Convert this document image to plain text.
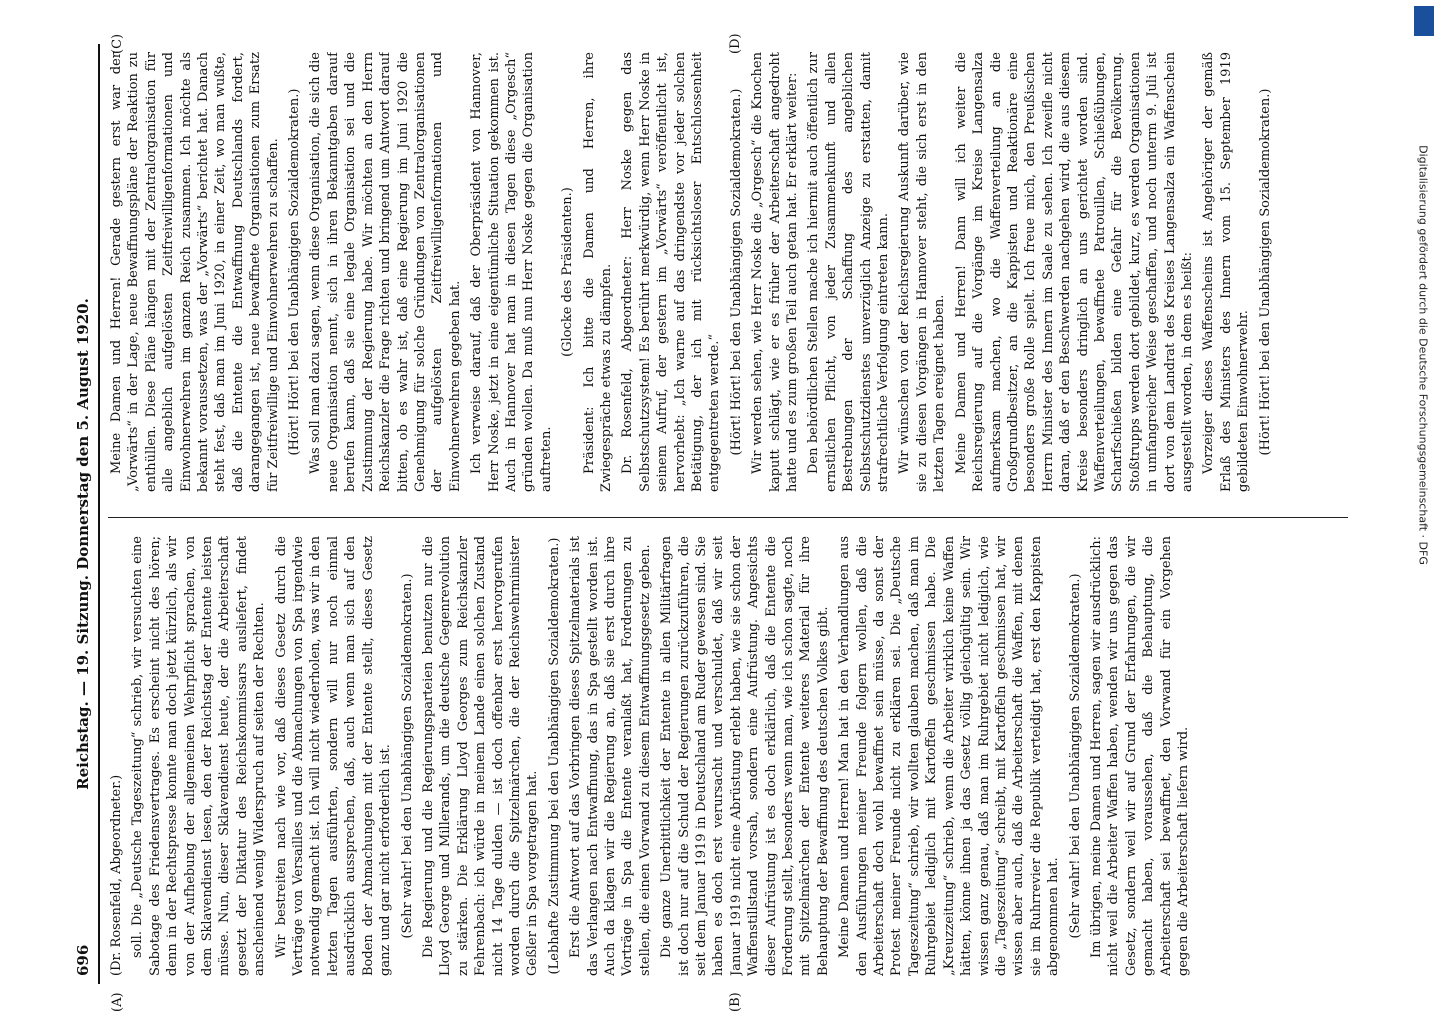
696
Reichstag. — 19. Sitzung. Donnerstag den 5. August 1920.
(A)	(B)
(C)	(D)

(Dr. Rosenfeld, Abgeordneter.) soll. Die „Deutsche Tageszeitung“ schrieb, wir versuchten eine Sabotage des Friedensvertrages. Es erscheint nicht des hören; denn in der Rechtspresse konnte man doch jetzt kürzlich, als wir von der Aufhebung der allgemeinen Wehrpflicht sprachen, von dem Sklavendienst lesen, den der Reichstag der Entente leisten müsse. Nun, dieser Sklavendienst heute, der die Arbeiterschaft gesetzt der Diktatur des Reichskommissars ausliefert, findet anscheinend wenig Widerspruch auf seiten der Rechten. Wir bestreiten nach wie vor, daß dieses Gesetz durch die Verträge von Versailles und die Abmachungen von Spa irgendwie notwendig gemacht ist. Ich will nicht wiederholen, was wir in den letzten Tagen ausführten, sondern will nur noch einmal ausdrücklich aussprechen, daß, auch wenn man sich auf den Boden der Abmachungen mit der Entente stellt, dieses Gesetz ganz und gar nicht erforderlich ist. (Sehr wahr! bei den Unabhängigen Sozialdemokraten.) Die Regierung und die Regierungsparteien benutzen nur die Lloyd George und Millerands, um die deutsche Gegenrevolution zu stärken. Die Erklärung Lloyd Georges zum Reichskanzler Fehrenbach: ich würde in meinem Lande einen solchen Zustand nicht 14 Tage dulden — ist doch offenbar erst hervorgerufen worden durch die Spitzelmärchen, die der Reichswehrminister Geßler in Spa vorgetragen hat. (Lebhafte Zustimmung bei den Unabhängigen Sozialdemokraten.) Erst die Antwort auf das Vorbringen dieses Spitzelmaterials ist das Verlangen nach Entwaffnung, das in Spa gestellt worden ist. Auch da klagen wir die Regierung an, daß sie erst durch ihre Vorträge in Spa die Entente veranlaßt hat, Forderungen zu stellen, die einen Vorwand zu diesem Entwaffnungsgesetz geben. Die ganze Unerbittlichkeit der Entente in allen Militärfragen ist doch nur auf die Schuld der Regierungen zurückzuführen, die seit dem Januar 1919 in Deutschland am Ruder gewesen sind. Sie haben es doch erst verursacht und verschuldet, daß wir seit Januar 1919 nicht eine Abrüstung erlebt haben, wie sie schon der Waffenstillstand vorsah, sondern eine Aufrüstung. Angesichts dieser Aufrüstung ist es doch erklärlich, daß die Entente die Forderung stellt, besonders wenn man, wie ich schon sagte, noch mit Spitzelmärchen der Entente weiteres Material für ihre Behauptung der Bewaffnung des deutschen Volkes gibt. Meine Damen und Herren! Man hat in den Verhandlungen aus den Ausführungen meiner Freunde folgern wollen, daß die Arbeiterschaft doch wohl bewaffnet sein müsse, da sonst der Protest meiner Freunde nicht zu erklären sei. Die „Deutsche Tageszeitung“ schrieb, wir wollten glauben machen, daß man im Ruhrgebiet lediglich mit Kartoffeln geschmissen habe. Die „Kreuzzeitung“ schrieb, wenn die Arbeiter wirklich keine Waffen hätten, könne ihnen ja das Gesetz völlig gleichgültig sein. Wir wissen ganz genau, daß man im Ruhrgebiet nicht lediglich, wie die „Tageszeitung“ schreibt, mit Kartoffeln geschmissen hat, wir wissen aber auch, daß die Arbeiterschaft die Waffen, mit denen sie im Ruhrrevier die Republik verteidigt hat, erst den Kappisten abgenommen hat. (Sehr wahr! bei den Unabhängigen Sozialdemokraten.) Im übrigen, meine Damen und Herren, sagen wir ausdrücklich: nicht weil die Arbeiter Waffen haben, wenden wir uns gegen das Gesetz, sondern weil wir auf Grund der Erfahrungen, die wir gemacht haben, voraussehen, daß die Behauptung, die Arbeiterschaft sei bewaffnet, den Vorwand für ein Vorgehen gegen die Arbeiterschaft liefern wird.

Meine Damen und Herren! Gerade gestern erst war der „Vorwärts“ in der Lage, neue Bewaffnungspläne der Reaktion zu enthüllen. Diese Pläne hängen mit der Zentralorganisation für alle angeblich aufgelösten Zeitfreiwilligenformationen und Einwohnerwehren im ganzen Reich zusammen. Ich möchte als bekannt voraussetzen, was der „Vorwärts“ berichtet hat. Danach steht fest, daß man im Juni 1920, in einer Zeit, wo man wußte, daß die Entente die Entwaffnung Deutschlands fordert, darangegangen ist, neue bewaffnete Organisationen zum Ersatz für Zeitfreiwillige und Einwohnerwehren zu schaffen. (Hört! Hört! bei den Unabhängigen Sozialdemokraten.) Was soll man dazu sagen, wenn diese Organisation, die sich die neue Organisation nennt, sich in ihren Bekanntgaben darauf berufen kann, daß sie eine legale Organisation sei und die Zustimmung der Regierung habe. Wir möchten an den Herrn Reichskanzler die Frage richten und bringend um Antwort darauf bitten, ob es wahr ist, daß eine Regierung im Juni 1920 die Genehmigung für solche Gründungen von Zentralorganisationen der aufgelösten Zeitfreiwilligenformationen und Einwohnerwehren gegeben hat. Ich verweise darauf, daß der Oberpräsident von Hannover, Herr Noske, jetzt in eine eigentümliche Situation gekommen ist. Auch in Hannover hat man in diesen Tagen diese „Orgesch“ gründen wollen. Da muß nun Herr Noske gegen die Organisation auftreten.

(Glocke des Präsidenten.) Präsident: Ich bitte die Damen und Herren, ihre Zwiegespräche etwas zu dämpfen. Dr. Rosenfeld, Abgeordneter: Herr Noske gegen das Selbstschutzsystem! Es berührt merkwürdig, wenn Herr Noske in seinem Aufruf, der gestern im „Vorwärts“ veröffentlicht ist, hervorhebt: „Ich warne auf das dringendste vor jeder solchen Betätigung, der ich mit rücksichtsloser Entschlossenheit entgegentreten werde.“ (Hört! Hört! bei den Unabhängigen Sozialdemokraten.) Wir werden sehen, wie Herr Noske die „Orgesch“ die Knochen kaputt schlägt, wie er es früher der Arbeiterschaft angedroht hatte und es zum großen Teil auch getan hat. Er erklärt weiter: Den behördlichen Stellen mache ich hiermit auch öffentlich zur ernstlichen Pflicht, von jeder Zusammenkunft und allen Bestrebungen der Schaffung des angeblichen Selbstschutzdienstes unverzüglich Anzeige zu erstatten, damit strafrechtliche Verfolgung eintreten kann. Wir wünschen von der Reichsregierung Auskunft darüber, wie sie zu diesen Vorgängen in Hannover steht, die sich erst in den letzten Tagen ereignet haben. Meine Damen und Herren! Dann will ich weiter die Reichsregierung auf die Vorgänge im Kreise Langensalza aufmerksam machen, wo die Waffenverteilung an die Großgrundbesitzer, an die Kappisten und Reaktionäre eine besonders große Rolle spielt. Ich freue mich, den Preußischen Herrn Minister des Innern im Saale zu sehen. Ich zweifle nicht daran, daß er den Beschwerden nachgehen wird, die aus diesem Kreise besonders dringlich an uns gerichtet worden sind. Waffenverteilungen, bewaffnete Patrouillen, Schießübungen, Scharfschießen bilden eine Gefahr für die Bevölkerung. Stoßtrupps werden dort gebildet, kurz, es werden Organisationen in umfangreicher Weise geschaffen, und noch unterm 9. Juli ist dort von dem Landrat des Kreises Langensalza ein Waffenschein ausgestellt worden, in dem es heißt: Vorzeiger dieses Waffenscheins ist Angehöriger der gemäß Erlaß des Ministers des Innern vom 15. September 1919 gebildeten Einwohnerwehr. (Hört! Hört! bei den Unabhängigen Sozialdemokraten.)	Digitalisierung gefördert durch die Deutsche Forschungsgemeinschaft · DFG
